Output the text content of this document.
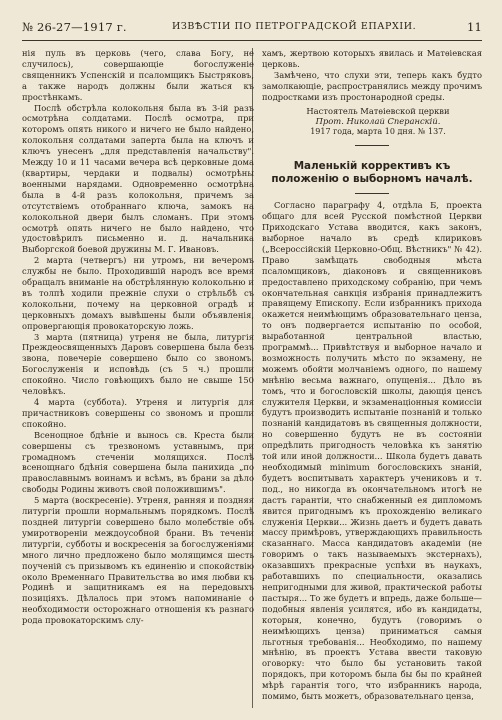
№ 26-27—1917 г.	ИЗВѢСТІИ ПО ПЕТРОГРАДСКОЙ ЕПАРХІИ.	11

нія пуль въ церковь (чего, слава Богу, не случилось), совершающіе богослуженіе священникъ Успенскій и псаломщикъ Быстряковъ, а также народъ должны были жаться къ простѣнкамъ.

Послѣ обстрѣла колокольня была въ 3-ій разъ осмотрѣна солдатами. Послѣ осмотра, при которомъ опять никого и ничего не было найдено, колокольня солдатами заперта была на ключъ и ключъ унесенъ „для представленія начальству". Между 10 и 11 часами вечера всѣ церковные дома (квартиры, чердаки и подвалы) осмотрѣны военными нарядами. Одновременно осмотрѣна была в 4-й разъ колокольня, причемъ за отсутствіемъ отобраннаго ключа, замокъ на колокольной двери былъ сломанъ. При этомъ осмотрѣ опять ничего не было найдено, что удостовѣрилъ письменно и. д. начальника Выборгской боевой дружины М. Г. Ивановъ.

2 марта (четвергъ) ни утромъ, ни вечеромъ службы не было. Проходившій народъ все время обращалъ вниманіе на обстрѣлянную колокольню и въ толпѣ ходили прежніе слухи о стрѣльбѣ съ колокольни, почему на церковной оградѣ и церковныхъ домахъ вывѣшены были объявленія, опровергающія провокаторскую ложь.

3 марта (пятница) утреня не была, литургія Преждеосвященныхъ Даровъ совершена была безъ звона, повечеріе совершено было со звономъ. Богослуженія и исповѣдь (съ 5 ч.) прошли спокойно. Число говѣющихъ было не свыше 150 человѣкъ.

4 марта (суббота). Утреня и литургія для причастниковъ совершены со звономъ и прошли спокойно.

Всенощное бдѣніе и вынось св. Креста были совершены съ трезвономъ уставнымъ, при громадномъ стеченіи молящихся. Послѣ всенощнаго бдѣнія совершена была панихида „по православнымъ воинамъ и всѣмъ, въ брани за дѣло свободы Родины животъ свой положившимъ".

5 марта (воскресеніе). Утреня, ранняя и поздняя литургіи прошли нормальнымъ порядкомъ. Послѣ поздней литургіи совершено было молебствіе объ умиротвореніи междоусобной брани. Въ теченіи литургіи, субботы и воскресенія за богослуженіями много лично предложено было молящимся шесть поученій съ призывомъ къ единенію и спокойствію около Временнаго Правительства во имя любви къ Родинѣ и защитникамъ ея на передовыхъ позиціяхъ. Дѣлалось при этомъ напоминаніе о необходимости осторожнаго отношенія къ разнаго рода провокаторскимъ слу-

хамъ, жертвою которыхъ явилась и Матѳіевская церковь.

Замѣчено, что слухи эти, теперь какъ будто замолкающіе, распространялись между прочимъ подростками изъ простонародной среды.

Настоятель Матѳіевской церкви

Прот. Николай Сперанскій.

1917 года, марта 10 дня. № 137.

Маленькій коррективъ къ положенію о выборномъ началѣ.

Согласно параграфу 4, отдѣла Б, проекта общаго для всей Русской помѣстной Церкви Приходскаго Устава вводится, какъ законъ, выборное начало въ средѣ клириковъ („Всероссійскій Церковно-Общ. Вѣстникъ" № 42). Право замѣщать свободныя мѣста псаломщиковъ, діаконовъ и священниковъ предоставлено приходскому собранію, при чемъ окончательная санкція избранія принадлежитъ правящему Епископу. Если избранникъ прихода окажется неимѣющимъ образовательнаго ценза, то онъ подвергается испытанію по особой, выработанной центральной властью, программѣ... Привѣтствуя и выборное начало и возможность получить мѣсто по экзамену, не можемъ обойти молчаніемъ одного, по нашему мнѣнію весьма важнаго, опущенія... Дѣло въ томъ, что и богословскій школы, дающія ценсъ служителя Церкви, и экзаменаціонныя комиссіи будутъ производить испытаніе познаній и только познаній кандидатовъ въ священныя должности, но совершенно будутъ не въ состояніи опредѣлить пригодность человѣка къ занятію той или иной должности... Школа будетъ давать необходимый minimum богословскихъ знаній, будетъ воспитывать характеръ учениковъ и т. под., но никогда въ окончательномъ итогѣ не дастъ гарантіи, что снабженный ея дипломомъ явится пригоднымъ къ прохожденію великаго служенія Церкви... Жизнь даетъ и будетъ давать массу примѣровъ, утверждающихъ правильность сказаннаго. Масса кандидатовъ академіи (не говоримъ о такъ называемыхъ экстернахъ), оказавшихъ прекрасные успѣхи въ наукахъ, работавшихъ по специальности, оказались непригодными для живой, практической работы пастыря... То же будетъ и впредь, даже больше—подобныя явленія усилятся, ибо въ кандидаты, которыя, конечно, будутъ (говоримъ о неимѣющихъ ценза) приниматься самыя льготныя требованія... Необходимо, по нашему мнѣнію, въ проектъ Устава ввести таковую оговорку: что было бы установить такой порядокъ, при которомъ была бы бы по крайней мѣрѣ гарантія того, что избранникъ народа, помимо, быть можетъ, образовательнаго ценза,
